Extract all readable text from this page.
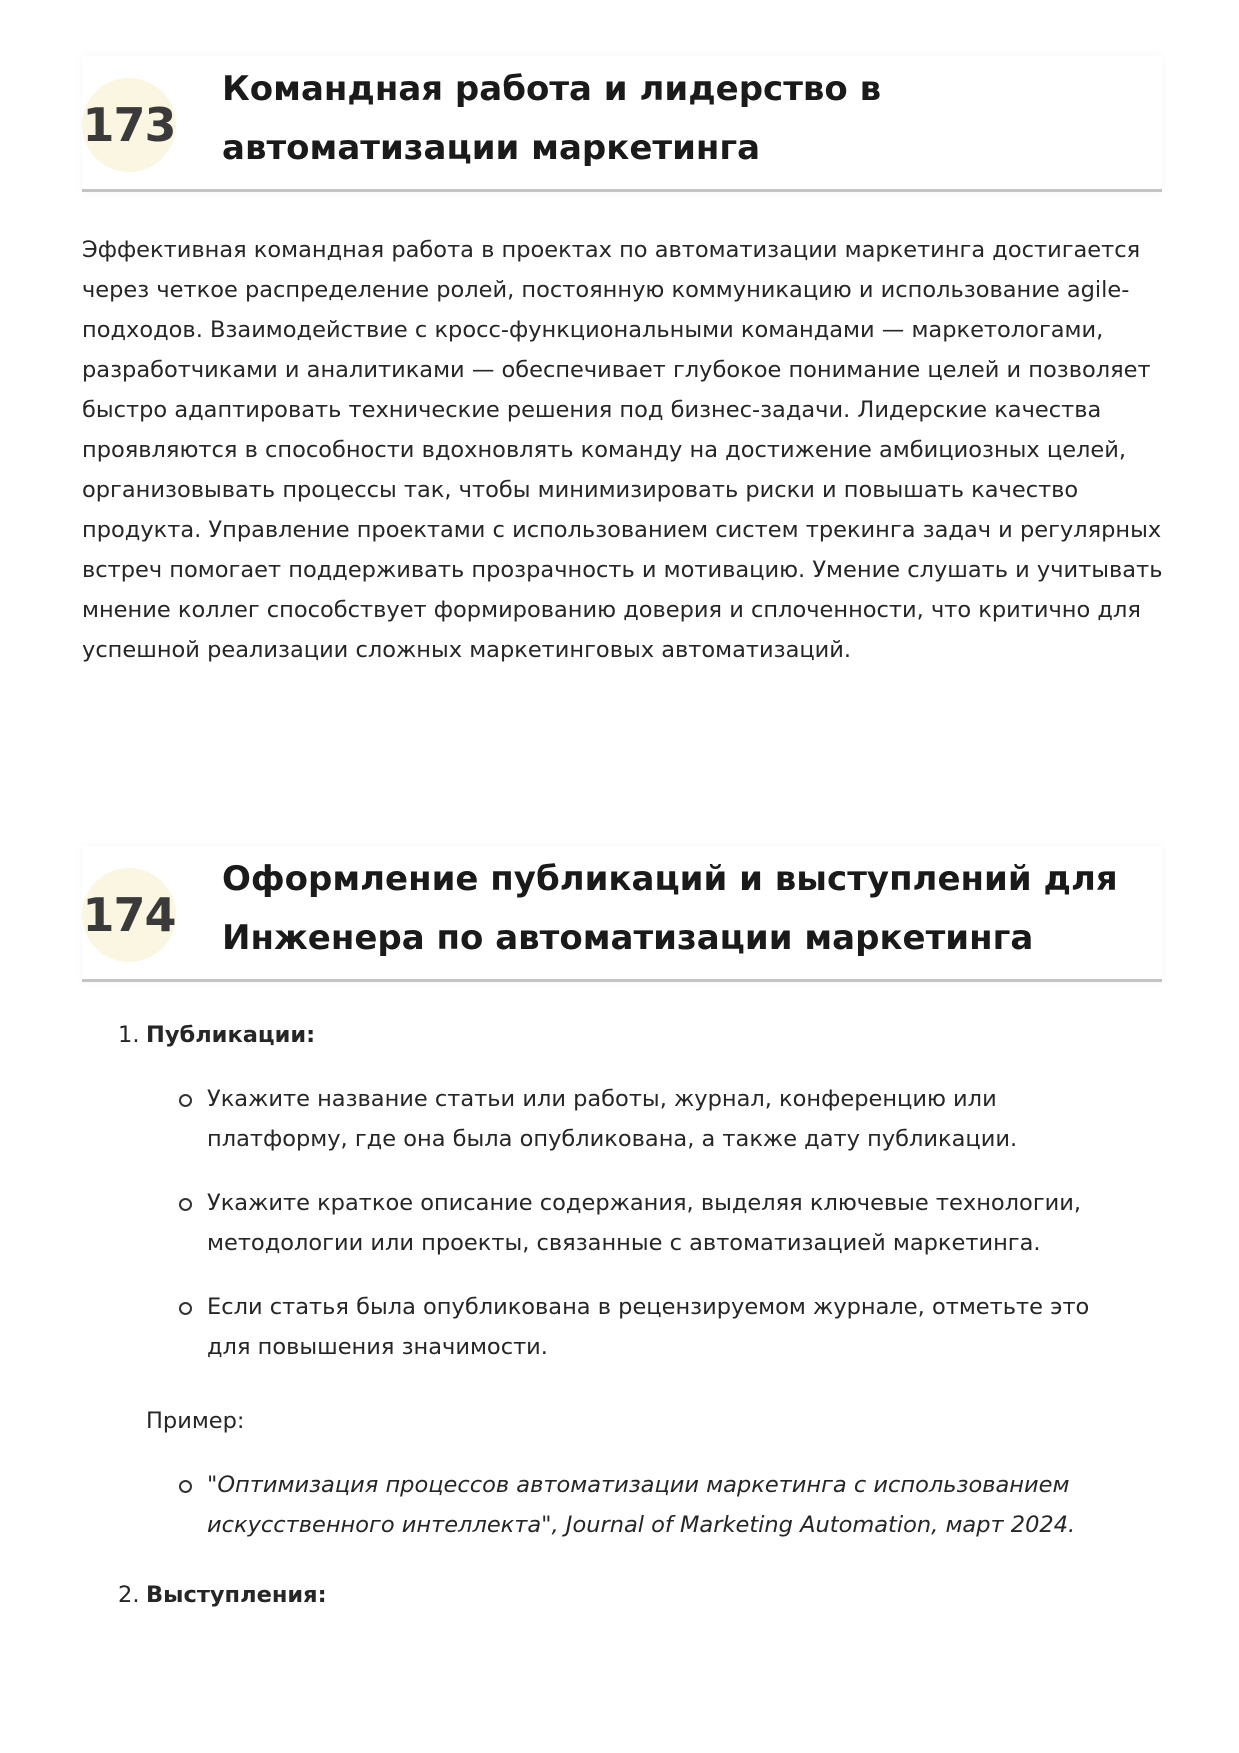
173
Командная работа и лидерство в автоматизации маркетинга

Эффективная командная работа в проектах по автоматизации маркетинга достигается через четкое распределение ролей, постоянную коммуникацию и использование agile-подходов. Взаимодействие с кросс-функциональными командами — маркетологами, разработчиками и аналитиками — обеспечивает глубокое понимание целей и позволяет быстро адаптировать технические решения под бизнес-задачи. Лидерские качества проявляются в способности вдохновлять команду на достижение амбициозных целей, организовывать процессы так, чтобы минимизировать риски и повышать качество продукта. Управление проектами с использованием систем трекинга задач и регулярных встреч помогает поддерживать прозрачность и мотивацию. Умение слушать и учитывать мнение коллег способствует формированию доверия и сплоченности, что критично для успешной реализации сложных маркетинговых автоматизаций.

174
Оформление публикаций и выступлений для Инженера по автоматизации маркетинга
1. Публикации:

Укажите название статьи или работы, журнал, конференцию или платформу, где она была опубликована, а также дату публикации.

Укажите краткое описание содержания, выделяя ключевые технологии, методологии или проекты, связанные с автоматизацией маркетинга.

Если статья была опубликована в рецензируемом журнале, отметьте это для повышения значимости.

Пример:

"Оптимизация процессов автоматизации маркетинга с использованием искусственного интеллекта", Journal of Marketing Automation, март 2024.

2. Выступления:
